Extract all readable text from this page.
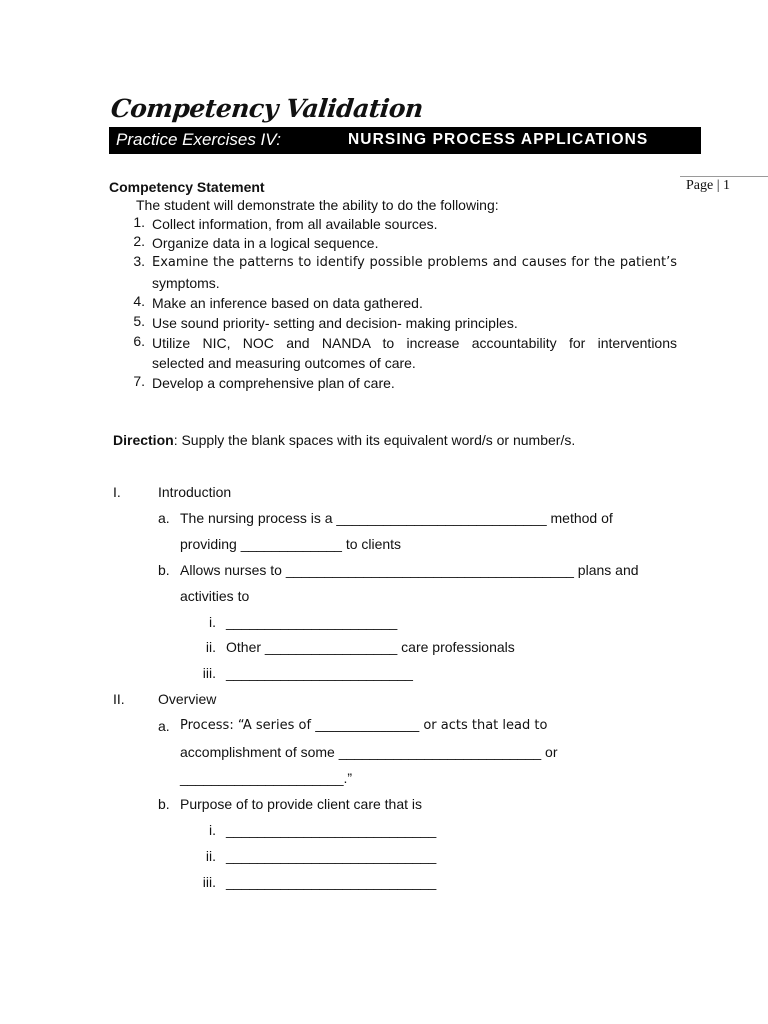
Competency Validation
Practice Exercises IV:	NURSING PROCESS APPLICATIONS
Page | 1
Competency Statement
The student will demonstrate the ability to do the following:
1. Collect information, from all available sources.
2. Organize data in a logical sequence.
3. Examine the patterns to identify possible problems and causes for the patient’s
symptoms.
4. Make an inference based on data gathered.
5. Use sound priority- setting and decision- making principles.
6. Utilize NIC, NOC and NANDA to increase accountability for interventions
selected and measuring outcomes of care.
7. Develop a comprehensive plan of care.
Direction: Supply the blank spaces with its equivalent word/s or number/s.
I.	Introduction
a. The nursing process is a ___________________________ method of
providing _____________ to clients
b. Allows nurses to _____________________________________ plans and
activities to
i. ______________________
ii. Other _________________ care professionals
iii. ________________________
II. Overview
a. Process: “A series of ________________ or acts that lead to
accomplishment of some __________________________ or
_____________________.”
b. Purpose of to provide client care that is
i. ___________________________
ii. ___________________________
iii. ___________________________
